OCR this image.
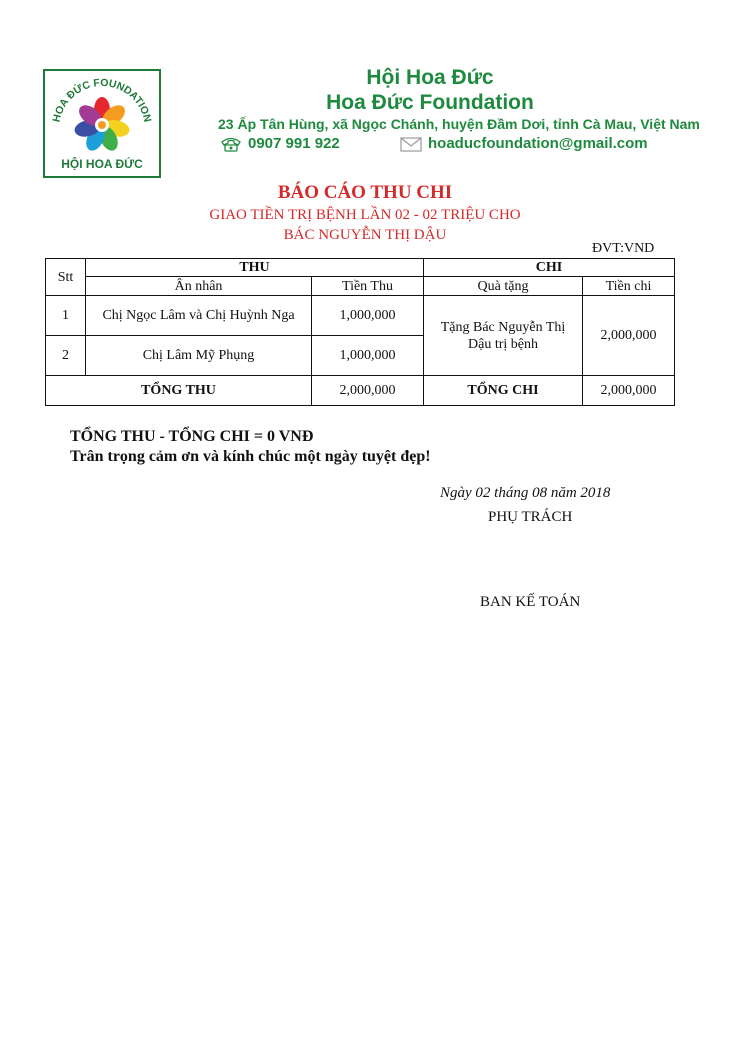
HOA ĐỨC FOUNDATION
HỘI HOA ĐỨC
Hội Hoa Đức
Hoa Đức Foundation
23 Ấp Tân Hùng, xã Ngọc Chánh, huyện Đầm Dơi, tỉnh Cà Mau, Việt Nam
0907 991 922	hoaducfoundation@gmail.com
BÁO CÁO THU CHI
GIAO TIỀN TRỊ BỆNH LẦN 02 - 02 TRIỆU CHO
BÁC NGUYỄN THỊ DẬU
ĐVT:VND
Stt	THU		CHI	
	Ân nhân	Tiền Thu	Quà tặng	Tiền chi
1	Chị Ngọc Lâm và Chị Huỳnh Nga	1,000,000	Tặng Bác Nguyễn Thị Dậu trị bệnh	2,000,000
2	Chị Lâm Mỹ Phụng	1,000,000		
TỔNG THU		2,000,000	TỔNG CHI	2,000,000
TỔNG THU - TỔNG CHI = 0 VNĐ
Trân trọng cảm ơn và kính chúc một ngày tuyệt đẹp!
Ngày 02 tháng 08 năm 2018
PHỤ TRÁCH
BAN KẾ TOÁN
